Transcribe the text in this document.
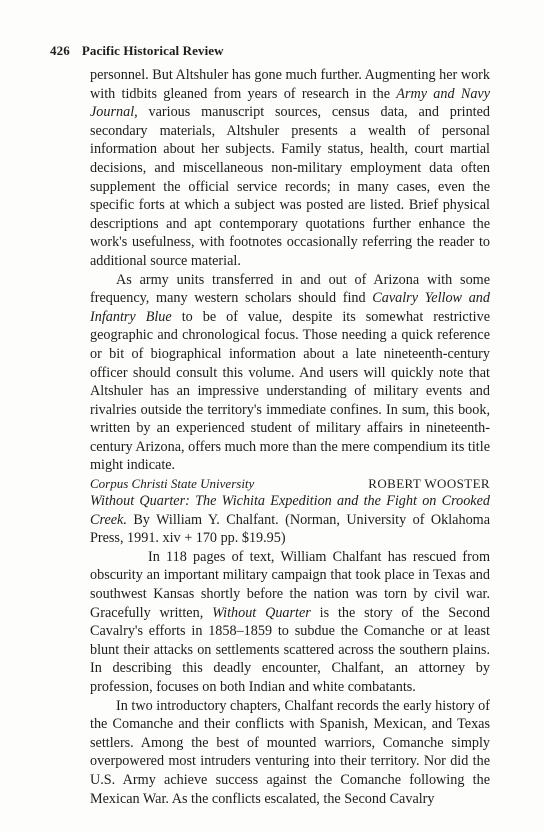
426 Pacific Historical Review

personnel. But Altshuler has gone much further. Augmenting her work with tidbits gleaned from years of research in the Army and Navy Journal, various manuscript sources, census data, and printed secondary materials, Altshuler presents a wealth of personal information about her subjects. Family status, health, court martial decisions, and miscellaneous non-military employment data often supplement the official service records; in many cases, even the specific forts at which a subject was posted are listed. Brief physical descriptions and apt contemporary quotations further enhance the work's usefulness, with footnotes occasionally referring the reader to additional source material.

As army units transferred in and out of Arizona with some frequency, many western scholars should find Cavalry Yellow and Infantry Blue to be of value, despite its somewhat restrictive geographic and chronological focus. Those needing a quick reference or bit of biographical information about a late nineteenth-century officer should consult this volume. And users will quickly note that Altshuler has an impressive understanding of military events and rivalries outside the territory's immediate confines. In sum, this book, written by an experienced student of military affairs in nineteenth-century Arizona, offers much more than the mere compendium its title might indicate.

Corpus Christi State University	ROBERT WOOSTER

Without Quarter: The Wichita Expedition and the Fight on Crooked Creek. By William Y. Chalfant. (Norman, University of Oklahoma Press, 1991. xiv + 170 pp. $19.95)

In 118 pages of text, William Chalfant has rescued from obscurity an important military campaign that took place in Texas and southwest Kansas shortly before the nation was torn by civil war. Gracefully written, Without Quarter is the story of the Second Cavalry's efforts in 1858–1859 to subdue the Comanche or at least blunt their attacks on settlements scattered across the southern plains. In describing this deadly encounter, Chalfant, an attorney by profession, focuses on both Indian and white combatants.

In two introductory chapters, Chalfant records the early history of the Comanche and their conflicts with Spanish, Mexican, and Texas settlers. Among the best of mounted warriors, Comanche simply overpowered most intruders venturing into their territory. Nor did the U.S. Army achieve success against the Comanche following the Mexican War. As the conflicts escalated, the Second Cavalry
